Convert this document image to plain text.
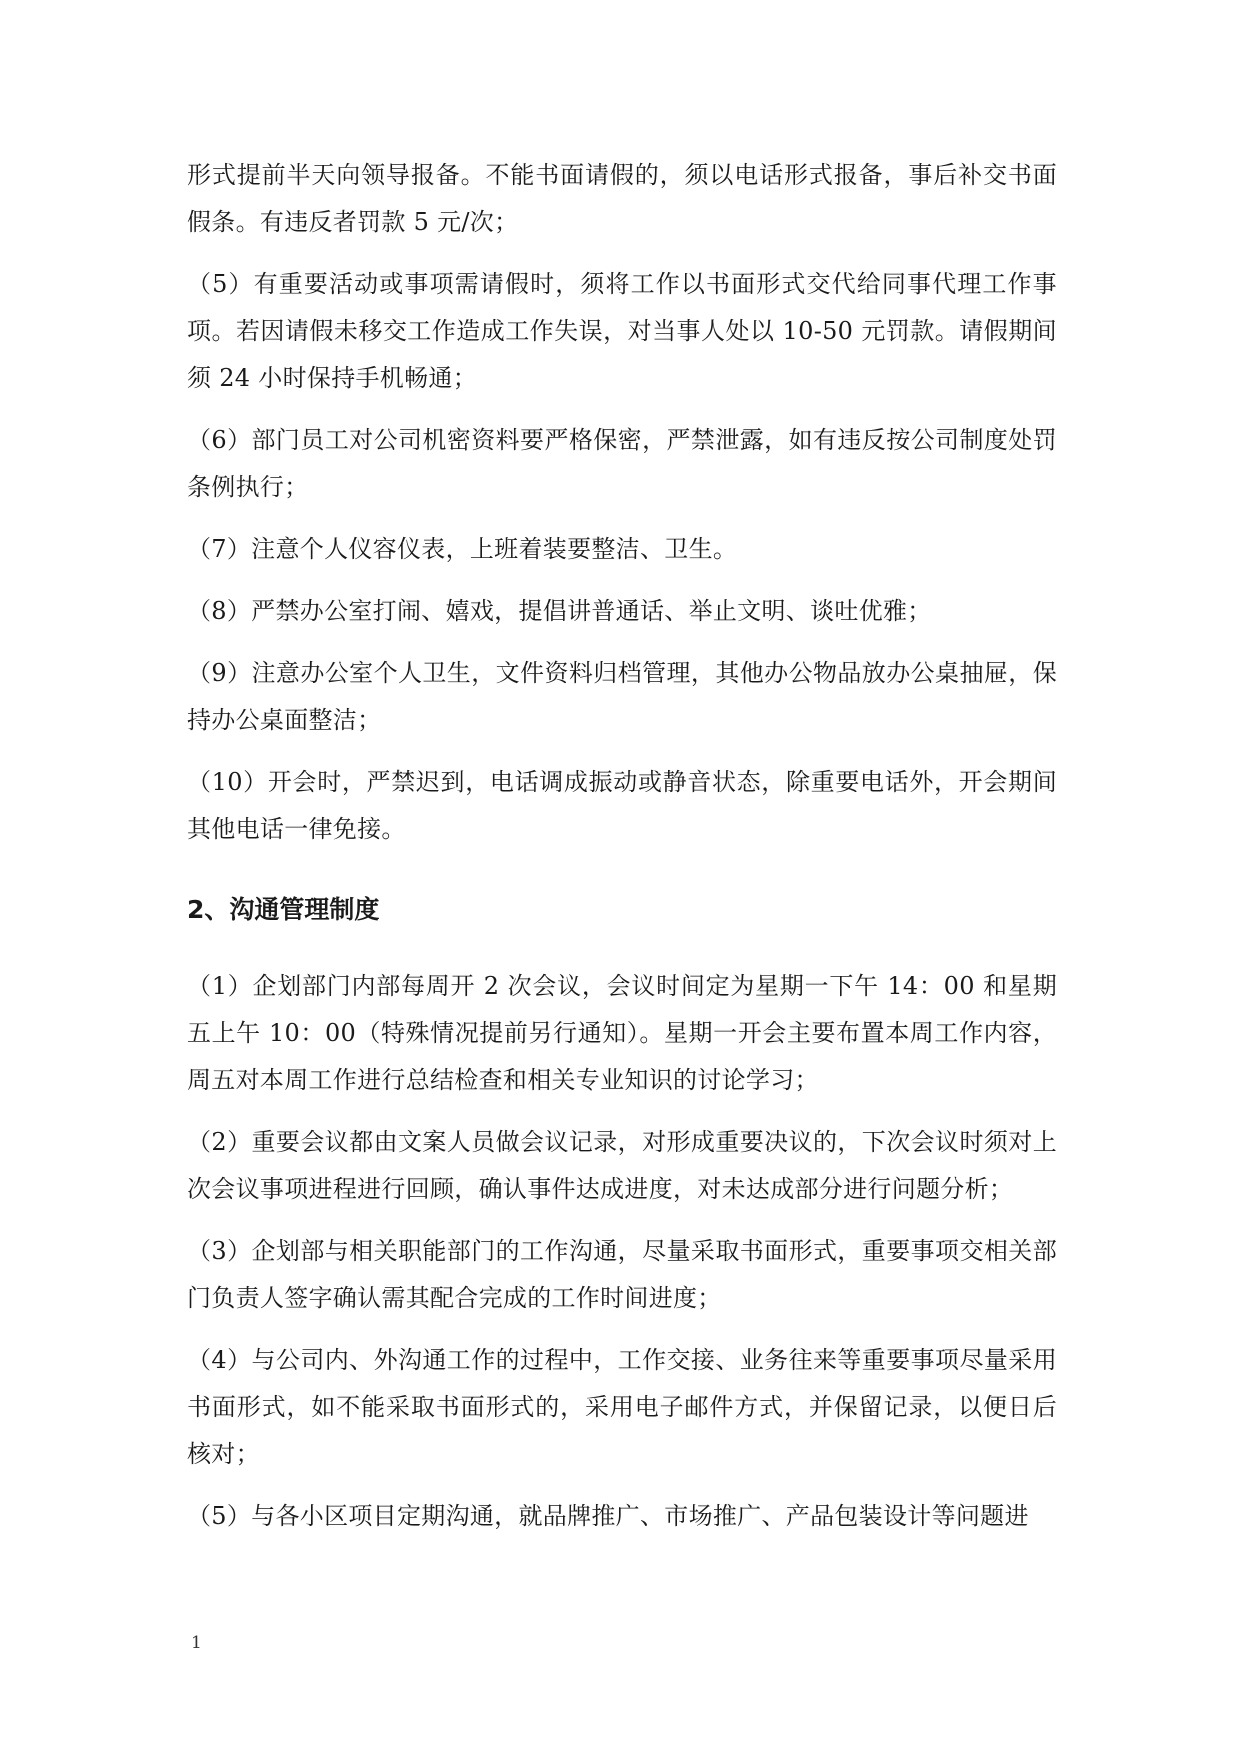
形式提前半天向领导报备。不能书面请假的，须以电话形式报备，事后补交书面假条。有违反者罚款 5 元/次；

（5）有重要活动或事项需请假时，须将工作以书面形式交代给同事代理工作事项。若因请假未移交工作造成工作失误，对当事人处以 10-50 元罚款。请假期间须 24 小时保持手机畅通；

（6）部门员工对公司机密资料要严格保密，严禁泄露，如有违反按公司制度处罚条例执行；

（7）注意个人仪容仪表，上班着装要整洁、卫生。

（8）严禁办公室打闹、嬉戏，提倡讲普通话、举止文明、谈吐优雅；

（9）注意办公室个人卫生，文件资料归档管理，其他办公物品放办公桌抽屉，保持办公桌面整洁；

（10）开会时，严禁迟到，电话调成振动或静音状态，除重要电话外，开会期间其他电话一律免接。

2、沟通管理制度

（1）企划部门内部每周开 2 次会议，会议时间定为星期一下午 14：00 和星期五上午 10：00（特殊情况提前另行通知）。星期一开会主要布置本周工作内容，周五对本周工作进行总结检查和相关专业知识的讨论学习；

（2）重要会议都由文案人员做会议记录，对形成重要决议的，下次会议时须对上次会议事项进程进行回顾，确认事件达成进度，对未达成部分进行问题分析；

（3）企划部与相关职能部门的工作沟通，尽量采取书面形式，重要事项交相关部门负责人签字确认需其配合完成的工作时间进度；

（4）与公司内、外沟通工作的过程中，工作交接、业务往来等重要事项尽量采用书面形式，如不能采取书面形式的，采用电子邮件方式，并保留记录，以便日后核对；

（5）与各小区项目定期沟通，就品牌推广、市场推广、产品包装设计等问题进

1
